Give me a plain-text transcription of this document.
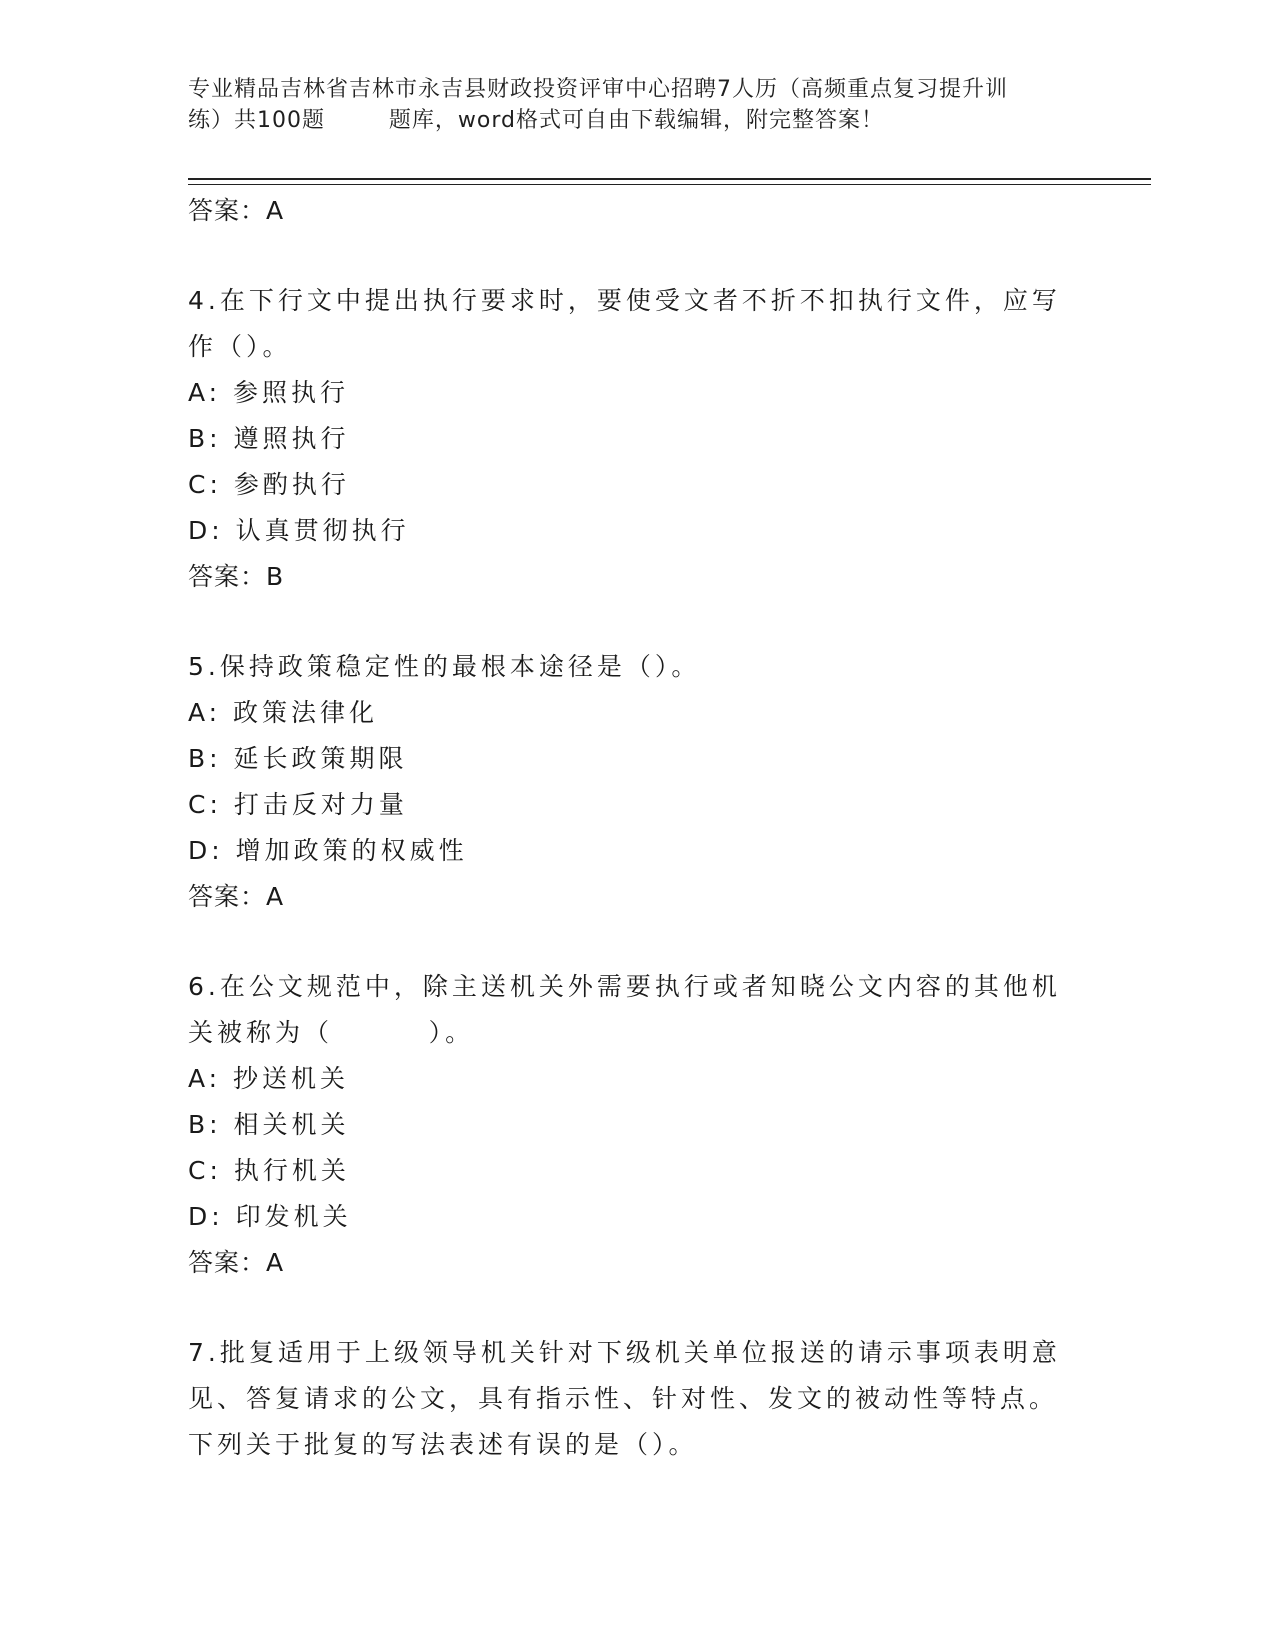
专业精品吉林省吉林市永吉县财政投资评审中心招聘7人历（高频重点复习提升训
练）共100题        题库，word格式可自由下载编辑，附完整答案！
答案：A
4.在下行文中提出执行要求时，要使受文者不折不扣执行文件，应写作（）。
A: 参照执行
B: 遵照执行
C: 参酌执行
D: 认真贯彻执行
答案：B
5.保持政策稳定性的最根本途径是（）。
A: 政策法律化
B: 延长政策期限
C: 打击反对力量
D: 增加政策的权威性
答案：A
6.在公文规范中，除主送机关外需要执行或者知晓公文内容的其他机关被称为（        ）。
A: 抄送机关
B: 相关机关
C: 执行机关
D: 印发机关
答案：A
7.批复适用于上级领导机关针对下级机关单位报送的请示事项表明意见、答复请求的公文，具有指示性、针对性、发文的被动性等特点。下列关于批复的写法表述有误的是（）。
